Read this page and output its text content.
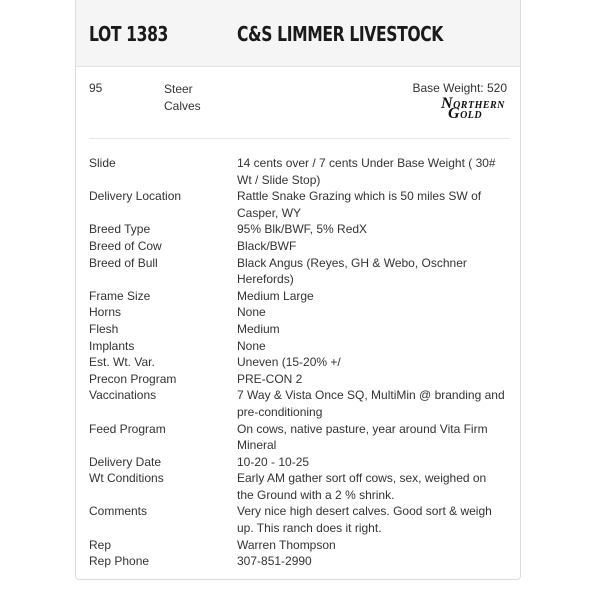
LOT 1383	C&S LIMMER LIVESTOCK
95	Steer Calves
Base Weight: 520
NORTHERN
GOLD
Slide	14 cents over / 7 cents Under Base Weight ( 30# Wt / Slide Stop)
Delivery Location	Rattle Snake Grazing which is 50 miles SW of Casper, WY
Breed Type	95% Blk/BWF, 5% RedX
Breed of Cow	Black/BWF
Breed of Bull	Black Angus (Reyes, GH & Webo, Oschner Herefords)
Frame Size	Medium Large
Horns	None
Flesh	Medium
Implants	None
Est. Wt. Var.	Uneven (15-20% +/
Precon Program	PRE-CON 2
Vaccinations	7 Way & Vista Once SQ, MultiMin @ branding and pre-conditioning
Feed Program	On cows, native pasture, year around Vita Firm Mineral
Delivery Date	10-20 - 10-25
Wt Conditions	Early AM gather sort off cows, sex, weighed on the Ground with a 2 % shrink.
Comments	Very nice high desert calves. Good sort & weigh up. This ranch does it right.
Rep	Warren Thompson
Rep Phone	307-851-2990
